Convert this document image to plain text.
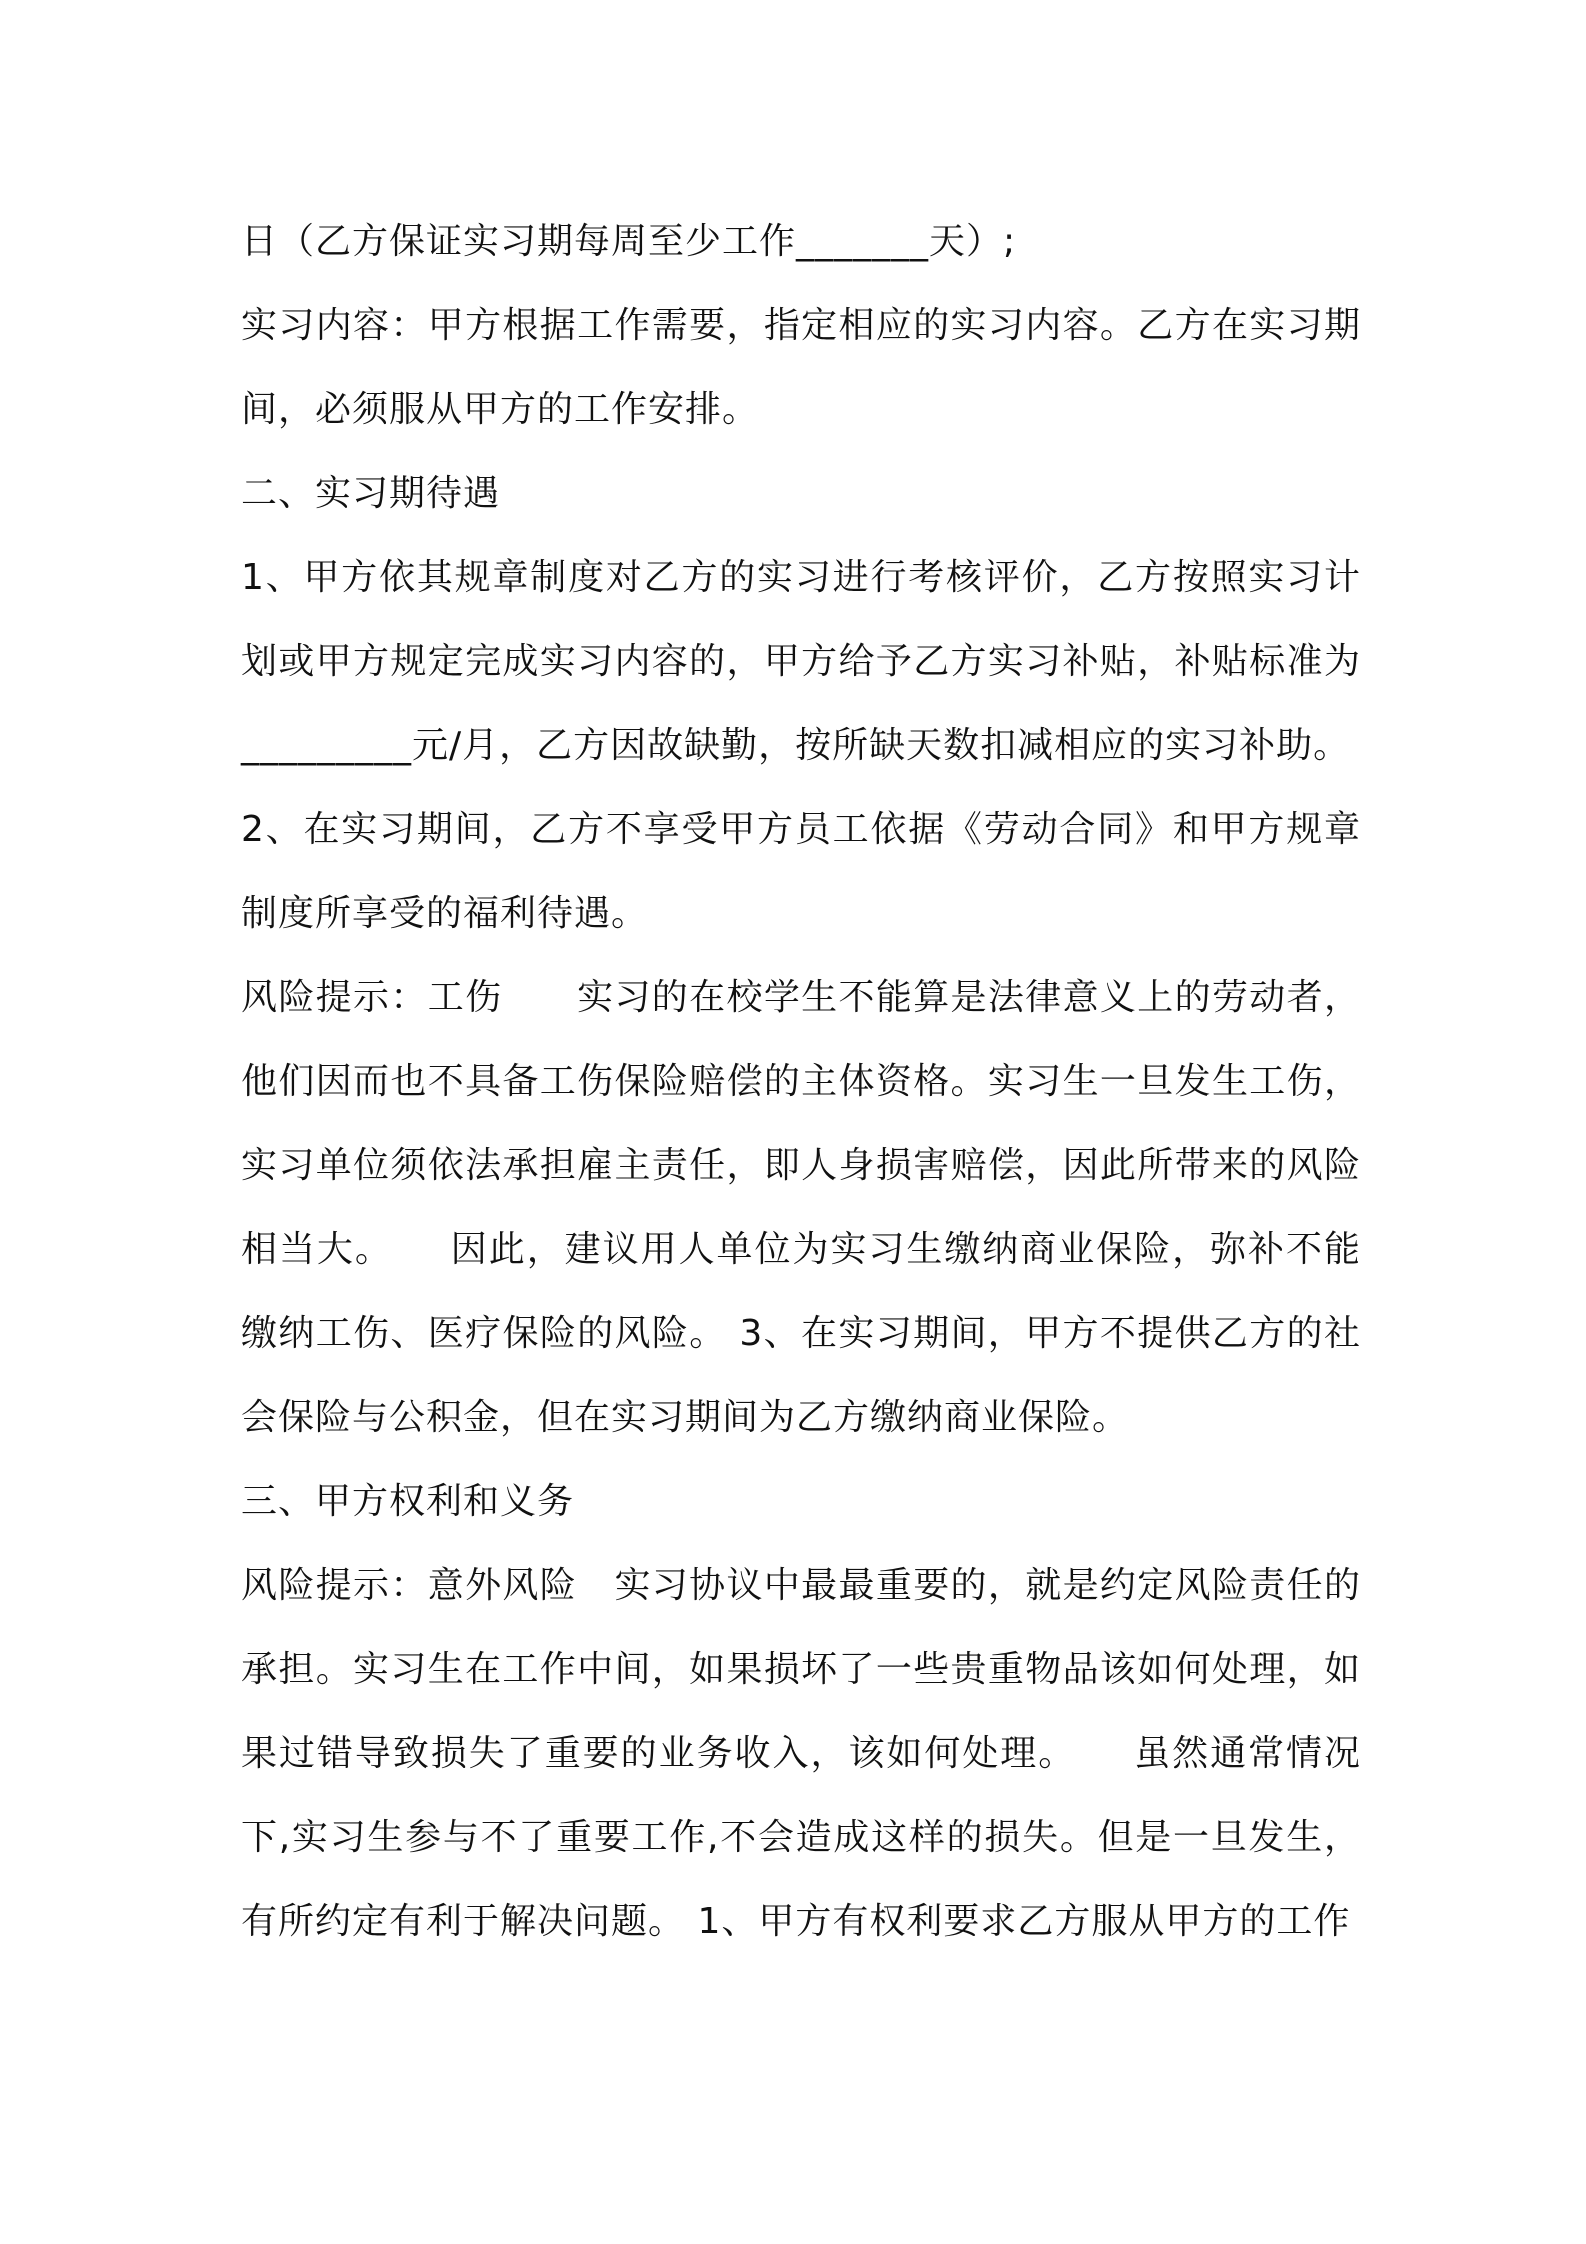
日（乙方保证实习期每周至少工作_______天）;

实习内容：甲方根据工作需要，指定相应的实习内容。乙方在实习期间，必须服从甲方的工作安排。

二、实习期待遇

1、甲方依其规章制度对乙方的实习进行考核评价，乙方按照实习计划或甲方规定完成实习内容的，甲方给予乙方实习补贴，补贴标准为_________元/月，乙方因故缺勤，按所缺天数扣减相应的实习补助。

2、在实习期间，乙方不享受甲方员工依据《劳动合同》和甲方规章制度所享受的福利待遇。

风险提示：工伤　　实习的在校学生不能算是法律意义上的劳动者，他们因而也不具备工伤保险赔偿的主体资格。实习生一旦发生工伤，实习单位须依法承担雇主责任，即人身损害赔偿，因此所带来的风险相当大。　　因此，建议用人单位为实习生缴纳商业保险，弥补不能缴纳工伤、医疗保险的风险。 3、在实习期间，甲方不提供乙方的社会保险与公积金，但在实习期间为乙方缴纳商业保险。

三、甲方权利和义务

风险提示：意外风险　实习协议中最最重要的，就是约定风险责任的承担。实习生在工作中间，如果损坏了一些贵重物品该如何处理，如果过错导致损失了重要的业务收入，该如何处理。　　虽然通常情况下,实习生参与不了重要工作,不会造成这样的损失。但是一旦发生，有所约定有利于解决问题。 1、甲方有权利要求乙方服从甲方的工作
